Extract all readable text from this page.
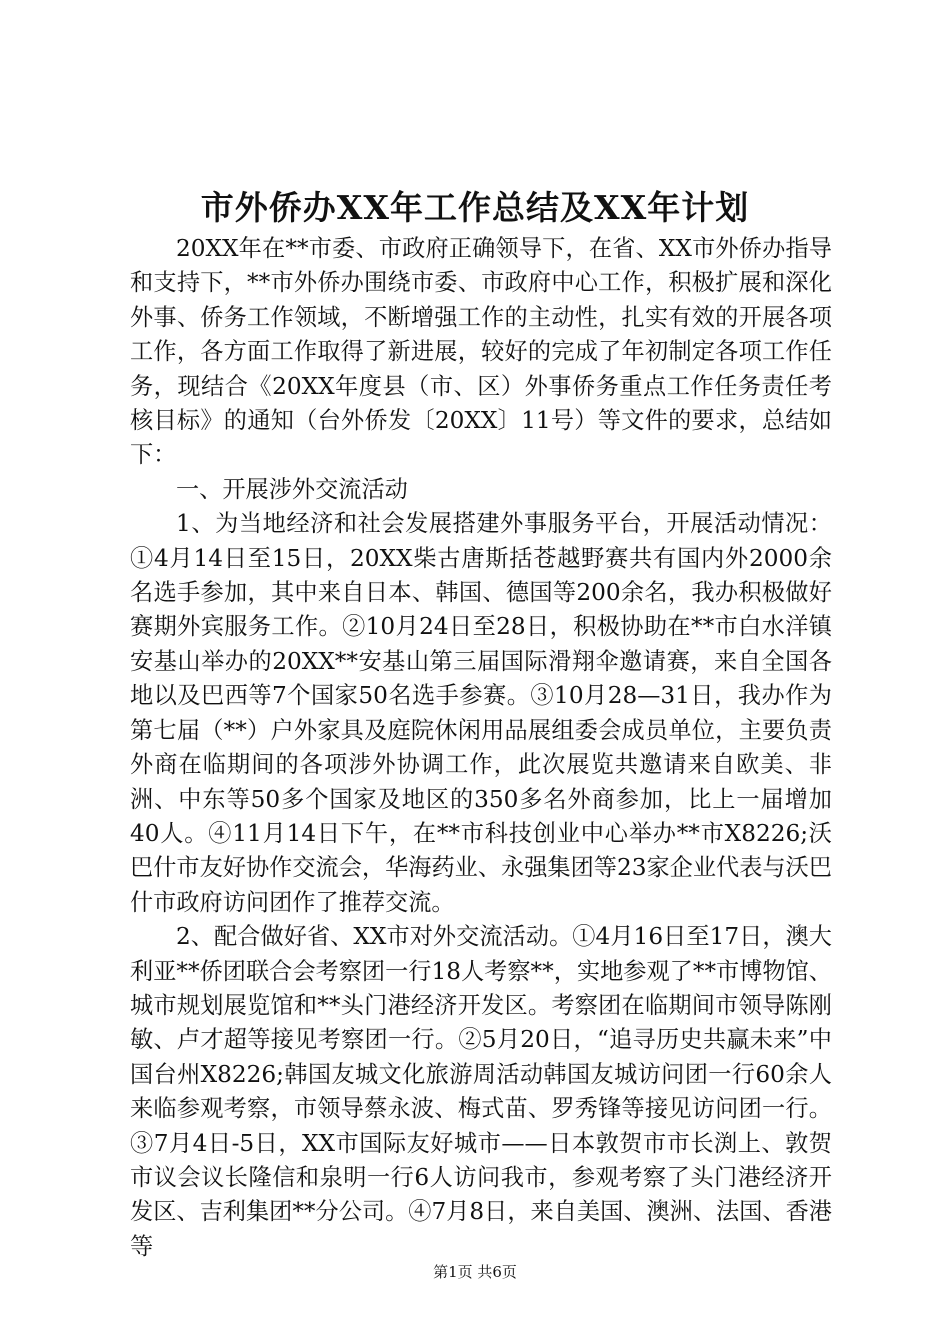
市外侨办XX年工作总结及XX年计划

20XX年在**市委、市政府正确领导下，在省、XX市外侨办指导和支持下，**市外侨办围绕市委、市政府中心工作，积极扩展和深化外事、侨务工作领域，不断增强工作的主动性，扎实有效的开展各项工作，各方面工作取得了新进展，较好的完成了年初制定各项工作任务，现结合《20XX年度县（市、区）外事侨务重点工作任务责任考核目标》的通知（台外侨发〔20XX〕11号）等文件的要求，总结如下：

一、开展涉外交流活动

1、为当地经济和社会发展搭建外事服务平台，开展活动情况：①4月14日至15日，20XX柴古唐斯括苍越野赛共有国内外2000余名选手参加，其中来自日本、韩国、德国等200余名，我办积极做好赛期外宾服务工作。②10月24日至28日，积极协助在**市白水洋镇安基山举办的20XX**安基山第三届国际滑翔伞邀请赛，来自全国各地以及巴西等7个国家50名选手参赛。③10月28—31日，我办作为第七届（**）户外家具及庭院休闲用品展组委会成员单位，主要负责外商在临期间的各项涉外协调工作，此次展览共邀请来自欧美、非洲、中东等50多个国家及地区的350多名外商参加，比上一届增加40人。④11月14日下午，在**市科技创业中心举办**市X8226;沃巴什市友好协作交流会，华海药业、永强集团等23家企业代表与沃巴什市政府访问团作了推荐交流。

2、配合做好省、XX市对外交流活动。①4月16日至17日，澳大利亚**侨团联合会考察团一行18人考察**，实地参观了**市博物馆、城市规划展览馆和**头门港经济开发区。考察团在临期间市领导陈刚敏、卢才超等接见考察团一行。②5月20日，“追寻历史共赢未来”中国台州X8226;韩国友城文化旅游周活动韩国友城访问团一行60余人来临参观考察，市领导蔡永波、梅式苗、罗秀锋等接见访问团一行。③7月4日-5日，XX市国际友好城市——日本敦贺市市长渕上、敦贺市议会议长隆信和泉明一行6人访问我市，参观考察了头门港经济开发区、吉利集团**分公司。④7月8日，来自美国、澳洲、法国、香港等

第1页 共6页
